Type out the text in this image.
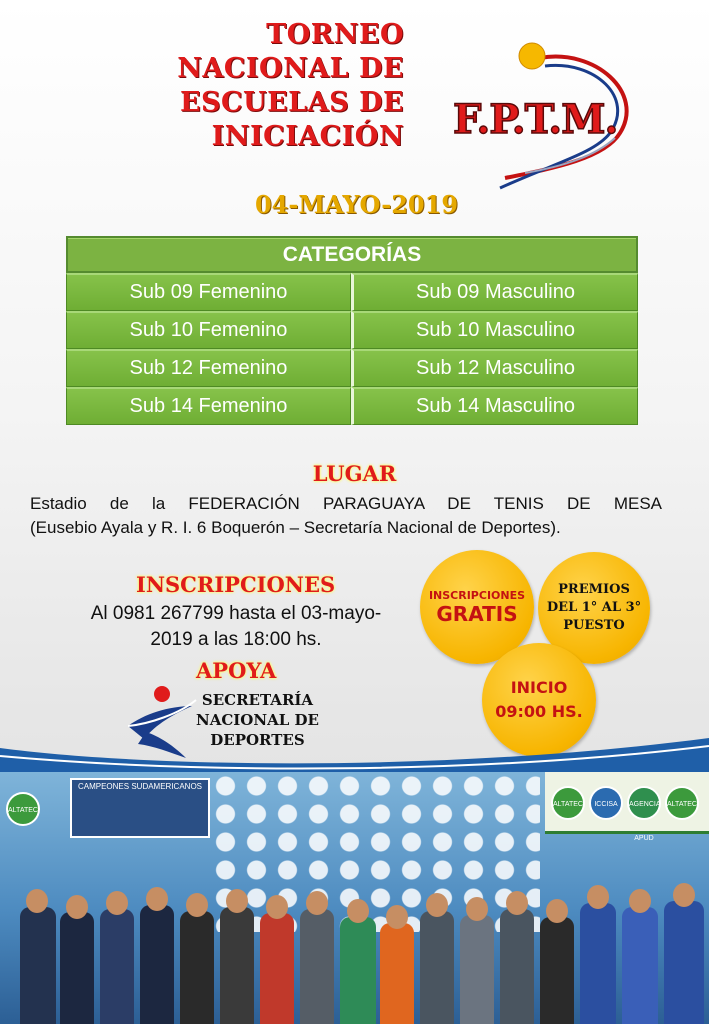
TORNEO
NACIONAL DE
ESCUELAS DE
INICIACIÓN F.P.T.M.
04-MAYO-2019
CATEGORÍAS
Sub 09 Femenino	Sub 09 Masculino
Sub 10 Femenino	Sub 10 Masculino
Sub 12 Femenino	Sub 12 Masculino
Sub 14 Femenino	Sub 14 Masculino
LUGAR
Estadio de la FEDERACIÓN PARAGUAYA DE TENIS DE MESA
(Eusebio Ayala y R. I. 6 Boquerón – Secretaría Nacional de Deportes).
INSCRIPCIONES
Al 0981 267799 hasta el 03-mayo-
2019 a las 18:00 hs.
APOYA
SECRETARÍA
NACIONAL DE
DEPORTES
INSCRIPCIONES
GRATIS
PREMIOS
DEL 1° AL 3°
PUESTO
INICIO
09:00 HS.
CAMPEONES SUDAMERICANOS
ALTATEC	ICCISA	AGENCIA APUD
ALTATEC
ALTATEC
